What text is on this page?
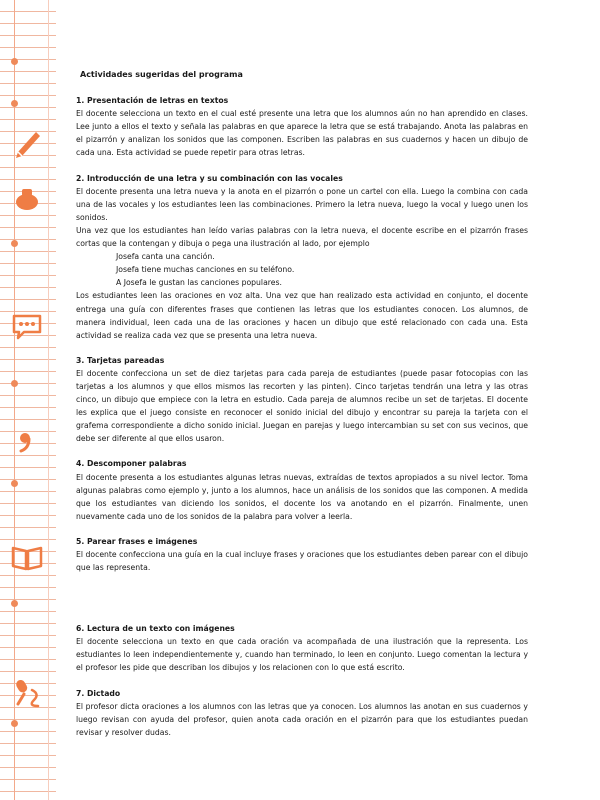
Actividades sugeridas del programa
1. Presentación de letras en textos

El docente selecciona un texto en el cual esté presente una letra que los alumnos aún no han aprendido en clases. Lee junto a ellos el texto y señala las palabras en que aparece la letra que se está trabajando. Anota las palabras en el pizarrón y analizan los sonidos que las componen. Escriben las palabras en sus cuadernos y hacen un dibujo de cada una. Esta actividad se puede repetir para otras letras.

2. Introducción de una letra y su combinación con las vocales

El docente presenta una letra nueva y la anota en el pizarrón o pone un cartel con ella. Luego la combina con cada una de las vocales y los estudiantes leen las combinaciones. Primero la letra nueva, luego la vocal y luego unen los sonidos.

Una vez que los estudiantes han leído varias palabras con la letra nueva, el docente escribe en el pizarrón frases cortas que la contengan y dibuja o pega una ilustración al lado, por ejemplo

Josefa canta una canción.
Josefa tiene muchas canciones en su teléfono.
A Josefa le gustan las canciones populares.

Los estudiantes leen las oraciones en voz alta. Una vez que han realizado esta actividad en conjunto, el docente entrega una guía con diferentes frases que contienen las letras que los estudiantes conocen. Los alumnos, de manera individual, leen cada una de las oraciones y hacen un dibujo que esté relacionado con cada una. Esta actividad se realiza cada vez que se presenta una letra nueva.

3. Tarjetas pareadas

El docente confecciona un set de diez tarjetas para cada pareja de estudiantes (puede pasar fotocopias con las tarjetas a los alumnos y que ellos mismos las recorten y las pinten). Cinco tarjetas tendrán una letra y las otras cinco, un dibujo que empiece con la letra en estudio. Cada pareja de alumnos recibe un set de tarjetas. El docente les explica que el juego consiste en reconocer el sonido inicial del dibujo y encontrar su pareja la tarjeta con el grafema correspondiente a dicho sonido inicial. Juegan en parejas y luego intercambian su set con sus vecinos, que debe ser diferente al que ellos usaron.

4. Descomponer palabras

El docente presenta a los estudiantes algunas letras nuevas, extraídas de textos apropiados a su nivel lector. Toma algunas palabras como ejemplo y, junto a los alumnos, hace un análisis de los sonidos que las componen. A medida que los estudiantes van diciendo los sonidos, el docente los va anotando en el pizarrón. Finalmente, unen nuevamente cada uno de los sonidos de la palabra para volver a leerla.

5. Parear frases e imágenes

El docente confecciona una guía en la cual incluye frases y oraciones que los estudiantes deben parear con el dibujo que las representa.

6. Lectura de un texto con imágenes

El docente selecciona un texto en que cada oración va acompañada de una ilustración que la representa. Los estudiantes lo leen independientemente y, cuando han terminado, lo leen en conjunto. Luego comentan la lectura y el profesor les pide que describan los dibujos y los relacionen con lo que está escrito.

7. Dictado

El profesor dicta oraciones a los alumnos con las letras que ya conocen. Los alumnos las anotan en sus cuadernos y luego revisan con ayuda del profesor, quien anota cada oración en el pizarrón para que los estudiantes puedan revisar y resolver dudas.
